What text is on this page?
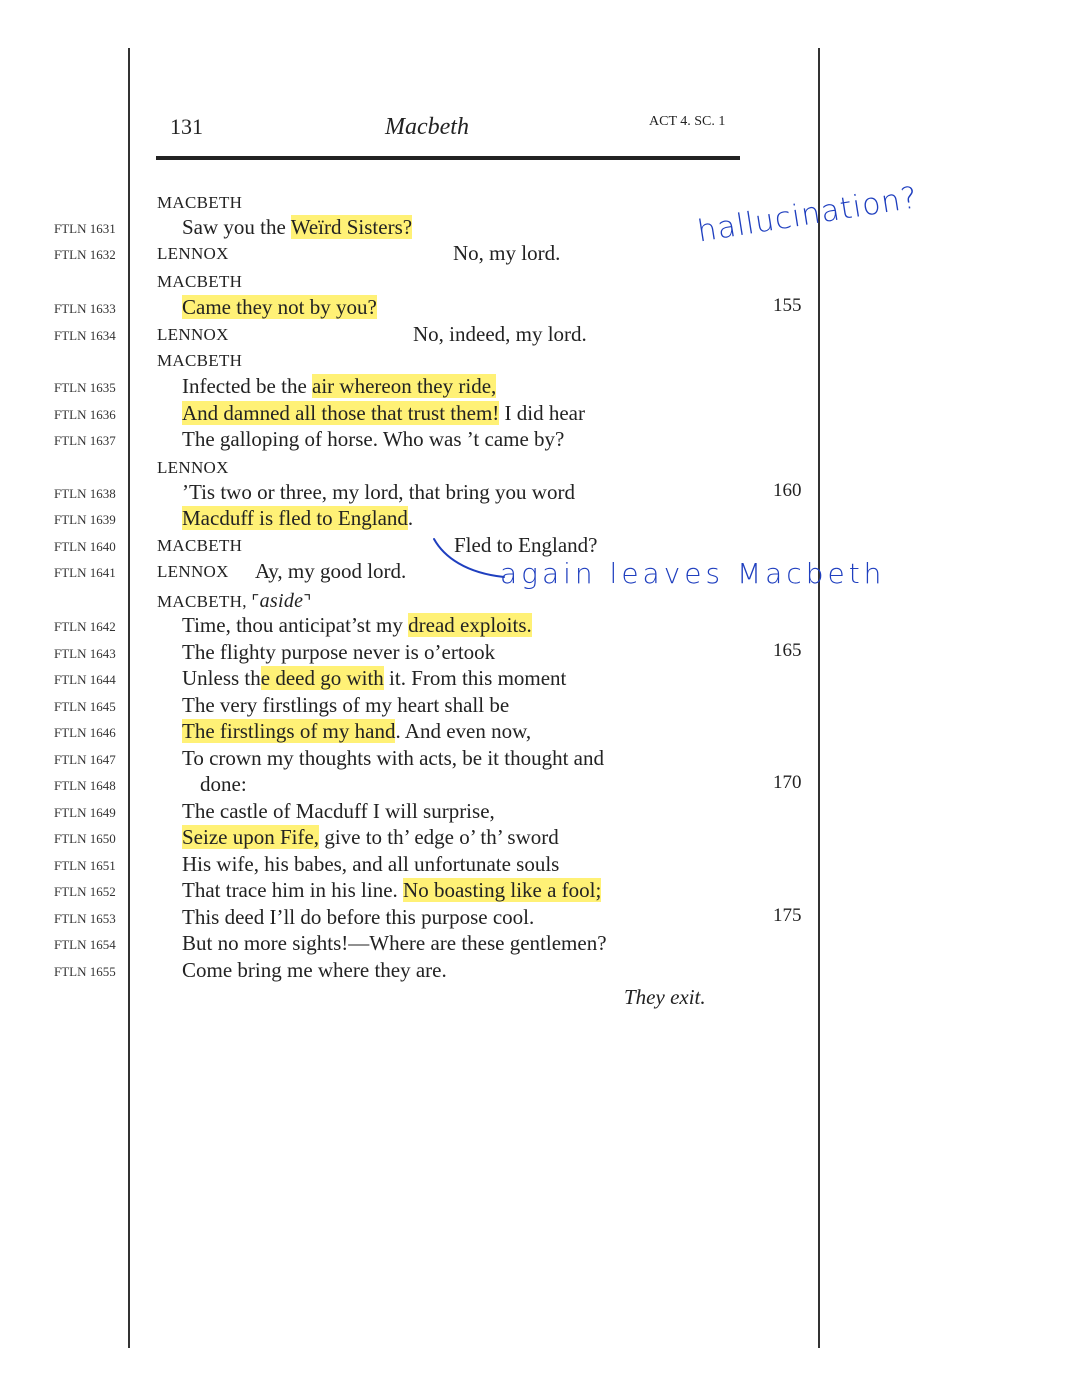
131	Macbeth	ACT 4. SC. 1
MACBETH
FTLN 1631	Saw you the Weïrd Sisters?
FTLN 1632 LENNOX	No, my lord.
MACBETH
FTLN 1633	Came they not by you?	155
FTLN 1634 LENNOX	No, indeed, my lord.
MACBETH
FTLN 1635	Infected be the air whereon they ride,
FTLN 1636	And damned all those that trust them! I did hear
FTLN 1637	The galloping of horse. Who was ’t came by?
LENNOX
FTLN 1638	’Tis two or three, my lord, that bring you word	160
FTLN 1639	Macduff is fled to England.
FTLN 1640 MACBETH	Fled to England?
FTLN 1641 LENNOX Ay, my good lord.
MACBETH, ⌜aside⌝
FTLN 1642	Time, thou anticipat’st my dread exploits.
FTLN 1643	The flighty purpose never is o’ertook	165
FTLN 1644	Unless the deed go with it. From this moment
FTLN 1645	The very firstlings of my heart shall be
FTLN 1646	The firstlings of my hand. And even now,
FTLN 1647	To crown my thoughts with acts, be it thought and
FTLN 1648	done:	170
FTLN 1649	The castle of Macduff I will surprise,
FTLN 1650	Seize upon Fife, give to th’ edge o’ th’ sword
FTLN 1651	His wife, his babes, and all unfortunate souls
FTLN 1652	That trace him in his line. No boasting like a fool;
FTLN 1653	This deed I’ll do before this purpose cool.	175
FTLN 1654	But no more sights!—Where are these gentlemen?
FTLN 1655	Come bring me where they are.
They exit.
hallucination?
again leaves Macbeth
